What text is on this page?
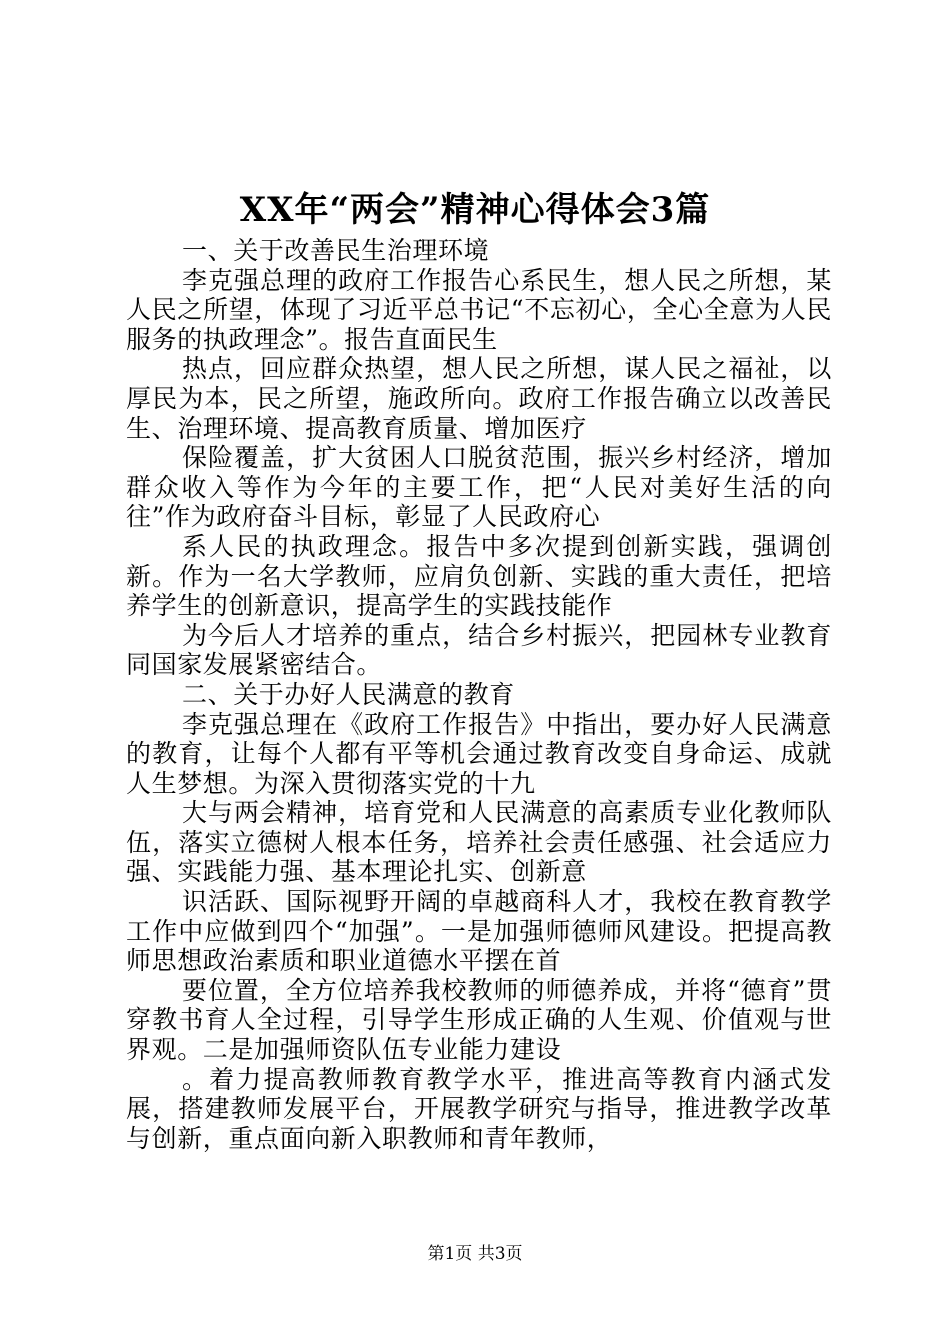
XX年“两会”精神心得体会3篇

一、关于改善民生治理环境

李克强总理的政府工作报告心系民生，想人民之所想，某人民之所望，体现了习近平总书记“不忘初心，全心全意为人民服务的执政理念”。报告直面民生

热点，回应群众热望，想人民之所想，谋人民之福祉，以厚民为本，民之所望，施政所向。政府工作报告确立以改善民生、治理环境、提高教育质量、增加医疗

保险覆盖，扩大贫困人口脱贫范围，振兴乡村经济，增加群众收入等作为今年的主要工作，把“人民对美好生活的向往”作为政府奋斗目标，彰显了人民政府心

系人民的执政理念。报告中多次提到创新实践，强调创新。作为一名大学教师，应肩负创新、实践的重大责任，把培养学生的创新意识，提高学生的实践技能作

为今后人才培养的重点，结合乡村振兴，把园林专业教育同国家发展紧密结合。

二、关于办好人民满意的教育

李克强总理在《政府工作报告》中指出，要办好人民满意的教育，让每个人都有平等机会通过教育改变自身命运、成就人生梦想。为深入贯彻落实党的十九

大与两会精神，培育党和人民满意的高素质专业化教师队伍，落实立德树人根本任务，培养社会责任感强、社会适应力强、实践能力强、基本理论扎实、创新意

识活跃、国际视野开阔的卓越商科人才，我校在教育教学工作中应做到四个“加强”。一是加强师德师风建设。把提高教师思想政治素质和职业道德水平摆在首

要位置，全方位培养我校教师的师德养成，并将“德育”贯穿教书育人全过程，引导学生形成正确的人生观、价值观与世界观。二是加强师资队伍专业能力建设

。着力提高教师教育教学水平，推进高等教育内涵式发展，搭建教师发展平台，开展教学研究与指导，推进教学改革与创新，重点面向新入职教师和青年教师，

第1页 共3页
